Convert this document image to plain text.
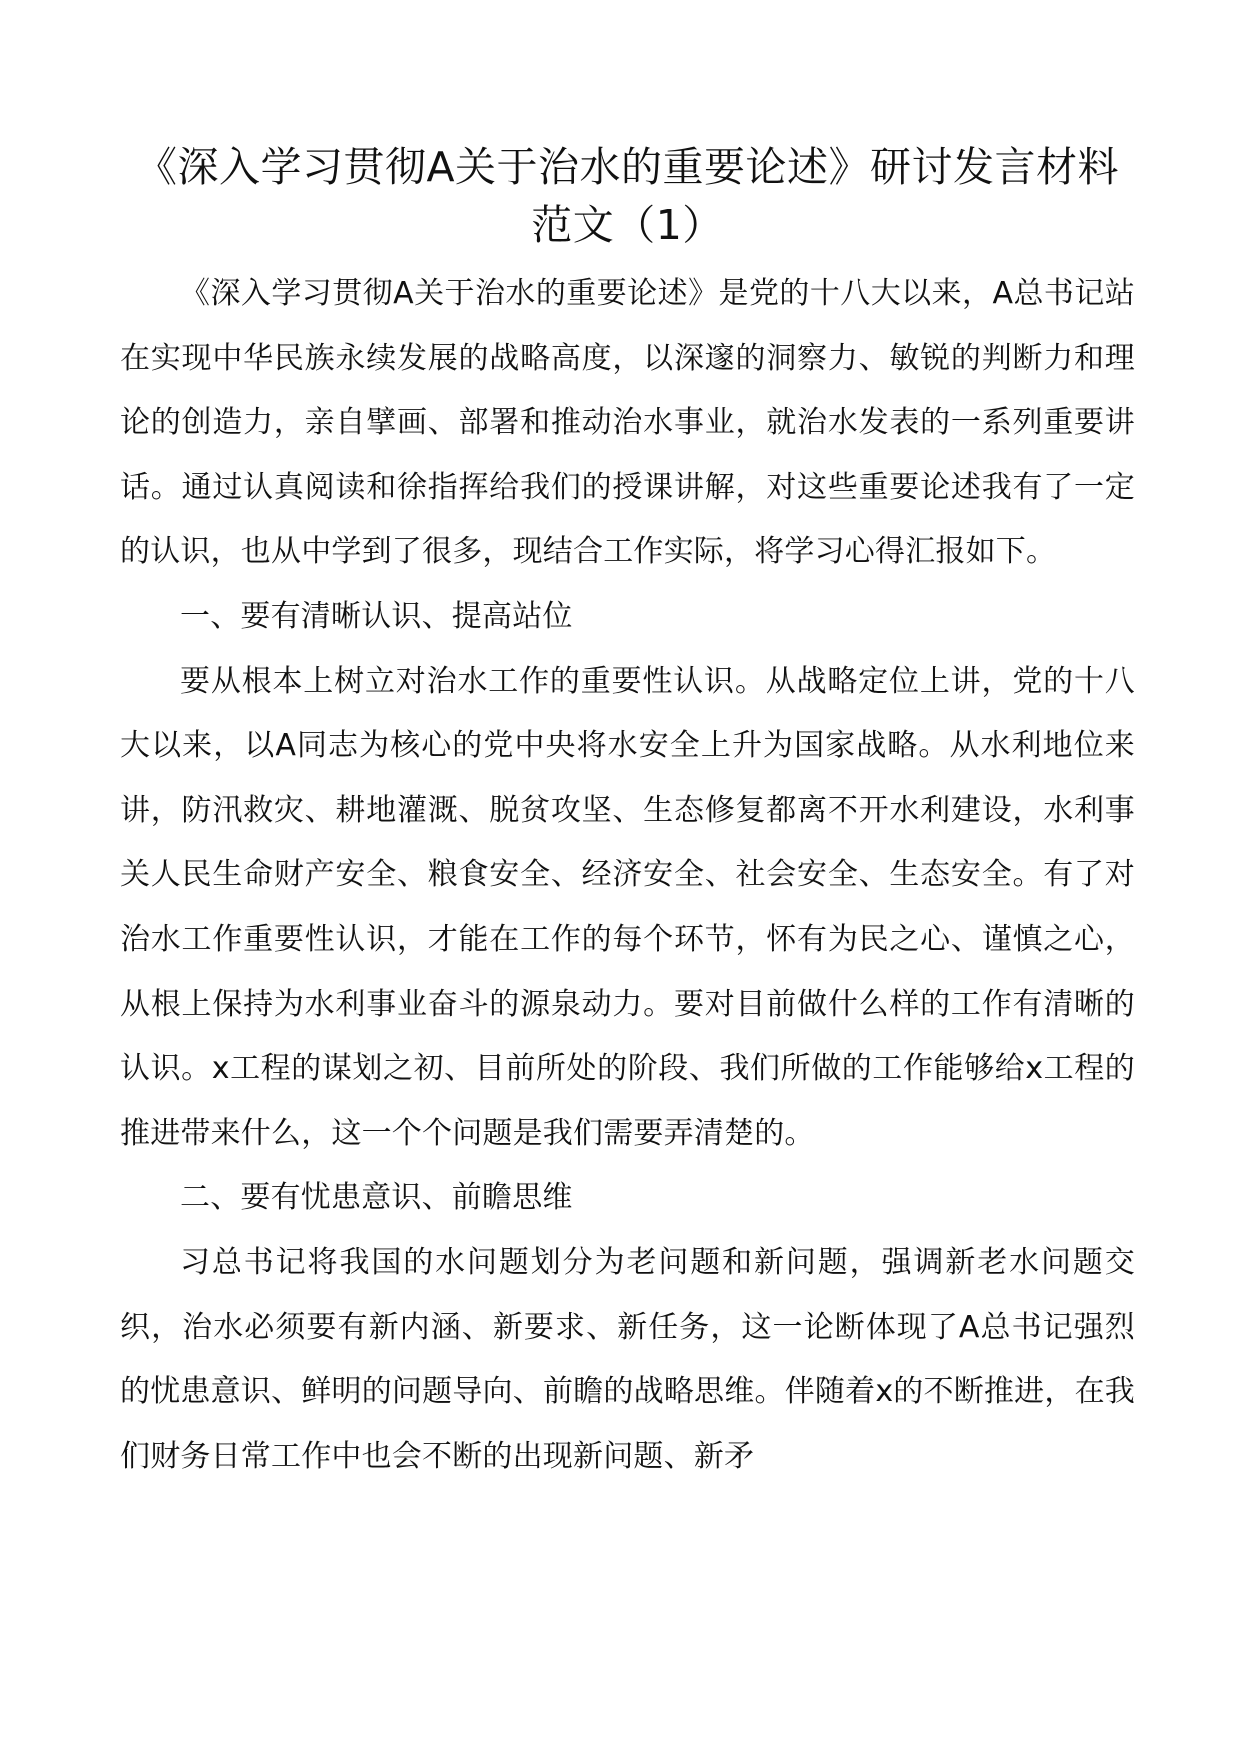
《深入学习贯彻A关于治水的重要论述》研讨发言材料范文（1）

《深入学习贯彻A关于治水的重要论述》是党的十八大以来，A总书记站在实现中华民族永续发展的战略高度，以深邃的洞察力、敏锐的判断力和理论的创造力，亲自擘画、部署和推动治水事业，就治水发表的一系列重要讲话。通过认真阅读和徐指挥给我们的授课讲解，对这些重要论述我有了一定的认识，也从中学到了很多，现结合工作实际，将学习心得汇报如下。

一、要有清晰认识、提高站位

要从根本上树立对治水工作的重要性认识。从战略定位上讲，党的十八大以来，以A同志为核心的党中央将水安全上升为国家战略。从水利地位来讲，防汛救灾、耕地灌溉、脱贫攻坚、生态修复都离不开水利建设，水利事关人民生命财产安全、粮食安全、经济安全、社会安全、生态安全。有了对治水工作重要性认识，才能在工作的每个环节，怀有为民之心、谨慎之心，从根上保持为水利事业奋斗的源泉动力。要对目前做什么样的工作有清晰的认识。x工程的谋划之初、目前所处的阶段、我们所做的工作能够给x工程的推进带来什么，这一个个问题是我们需要弄清楚的。

二、要有忧患意识、前瞻思维

习总书记将我国的水问题划分为老问题和新问题，强调新老水问题交织，治水必须要有新内涵、新要求、新任务，这一论断体现了A总书记强烈的忧患意识、鲜明的问题导向、前瞻的战略思维。伴随着x的不断推进，在我们财务日常工作中也会不断的出现新问题、新矛
